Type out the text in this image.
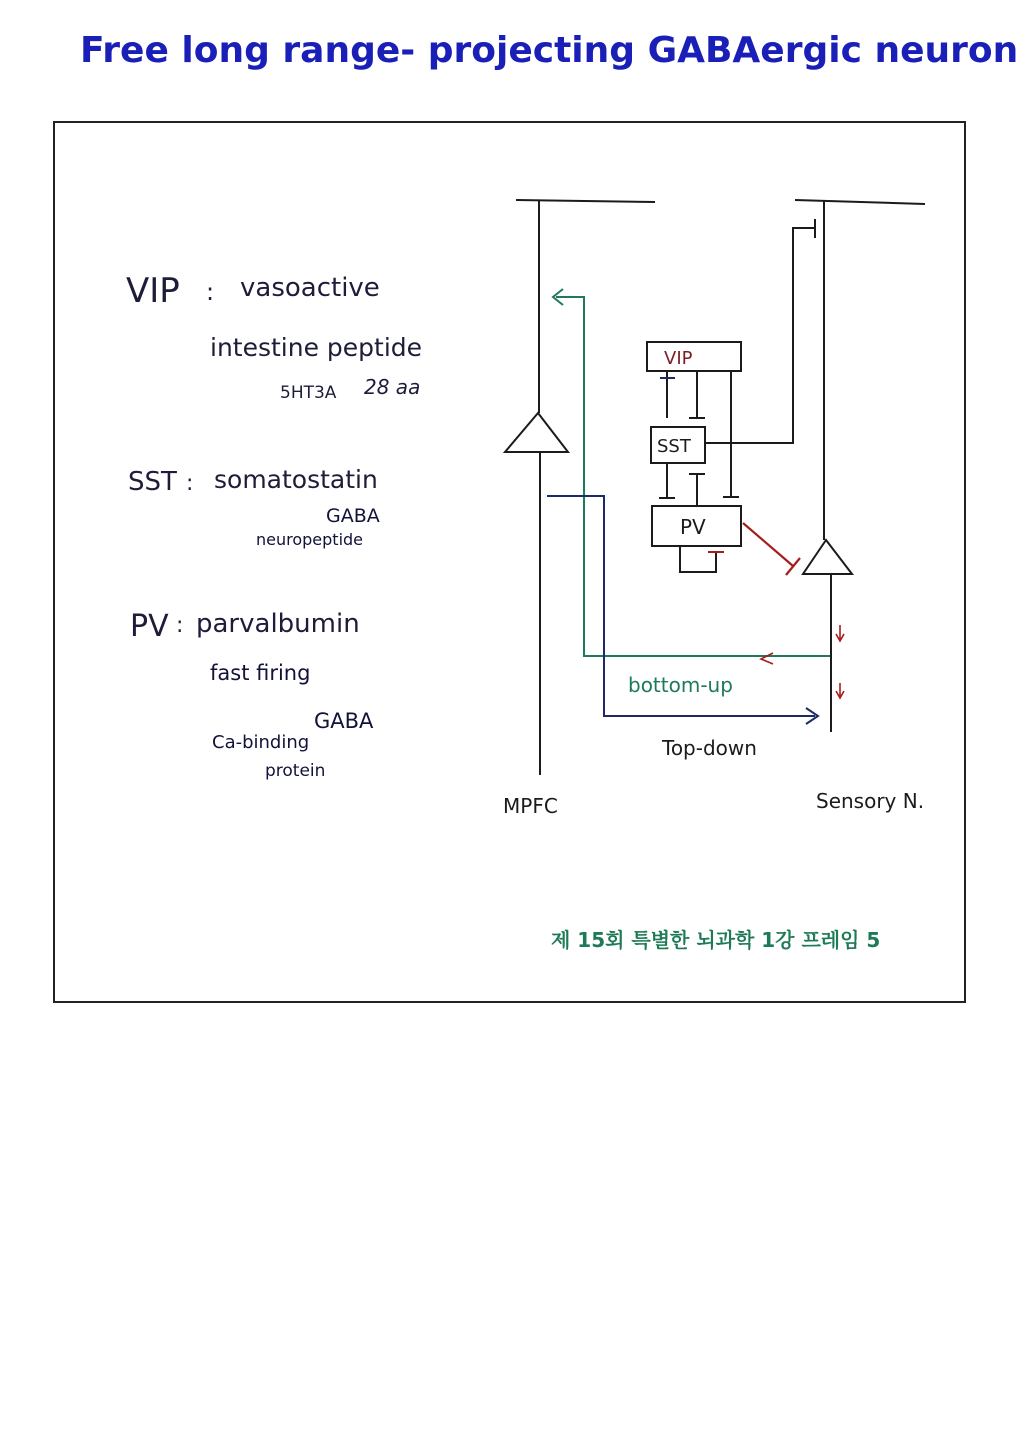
Free long range- projecting GABAergic neuron
VIP : vasoactive
intestine peptide
5HT3A 28 aa
SST : somatostatin
GABA
neuropeptide
PV : parvalbumin
fast firing
GABA
Ca-binding
protein
VIP
SST
PV
bottom-up
Top-down
MPFC	Sensory N.
제 15회 특별한 뇌과학 1강 프레임 5
